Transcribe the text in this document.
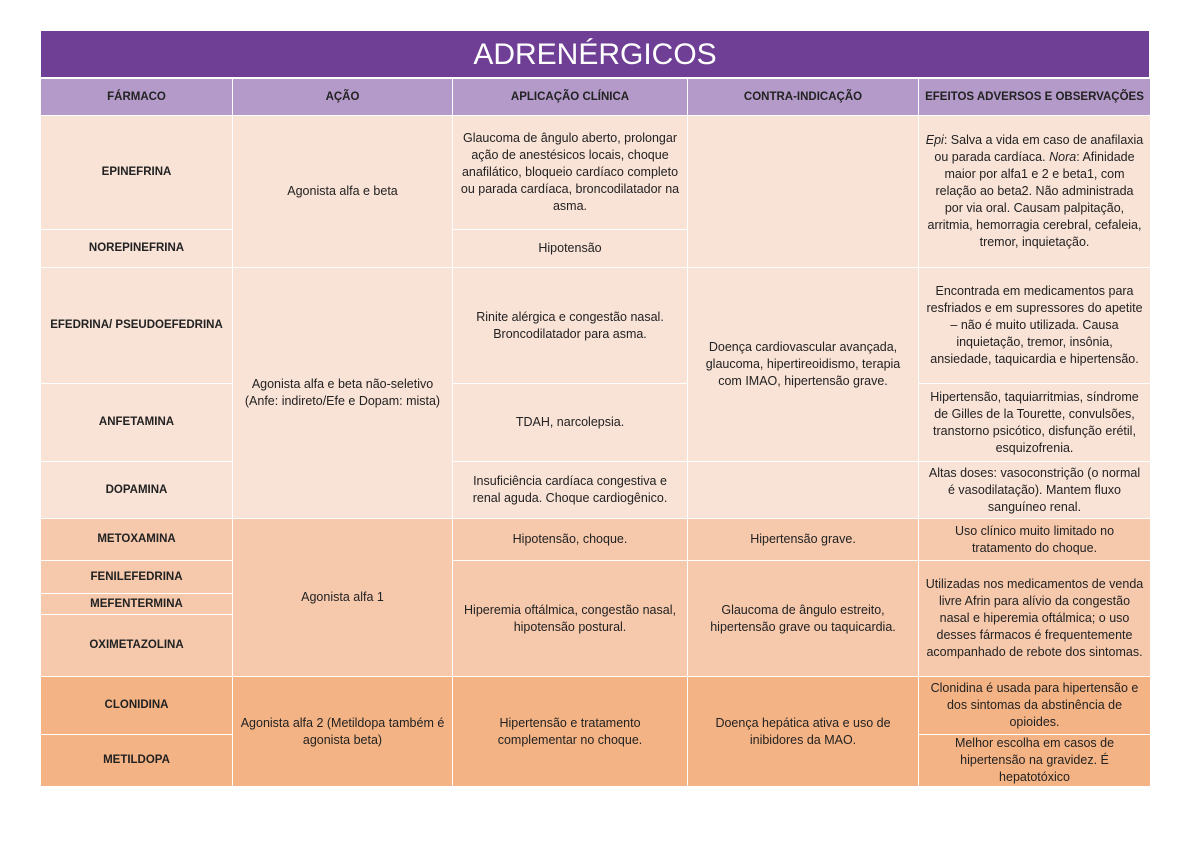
ADRENÉRGICOS
FÁRMACO	AÇÃO	APLICAÇÃO CLÍNICA	CONTRA-INDICAÇÃO	EFEITOS ADVERSOS E OBSERVAÇÕES
EPINEFRINA	Agonista alfa e beta	Glaucoma de ângulo aberto, prolongar ação de anestésicos locais, choque anafilático, bloqueio cardíaco completo ou parada cardíaca, broncodilatador na asma.		Epi: Salva a vida em caso de anafilaxia ou parada cardíaca. Nora: Afinidade maior por alfa1 e 2 e beta1, com relação ao beta2. Não administrada por via oral. Causam palpitação, arritmia, hemorragia cerebral, cefaleia, tremor, inquietação.
NOREPINEFRINA		Hipotensão		
EFEDRINA/ PSEUDOEFEDRINA	Agonista alfa e beta não-seletivo (Anfe: indireto/Efe e Dopam: mista)	Rinite alérgica e congestão nasal. Broncodilatador para asma.	Doença cardiovascular avançada, glaucoma, hipertireoidismo, terapia com IMAO, hipertensão grave.	Encontrada em medicamentos para resfriados e em supressores do apetite – não é muito utilizada. Causa inquietação, tremor, insônia, ansiedade, taquicardia e hipertensão.
ANFETAMINA		TDAH, narcolepsia.		Hipertensão, taquiarritmias, síndrome de Gilles de la Tourette, convulsões, transtorno psicótico, disfunção erétil, esquizofrenia.
DOPAMINA		Insuficiência cardíaca congestiva e renal aguda. Choque cardiogênico.		Altas doses: vasoconstrição (o normal é vasodilatação). Mantem fluxo sanguíneo renal.
METOXAMINA	Agonista alfa 1	Hipotensão, choque.	Hipertensão grave.	Uso clínico muito limitado no tratamento do choque.
FENILEFEDRINA		Hiperemia oftálmica, congestão nasal, hipotensão postural.	Glaucoma de ângulo estreito, hipertensão grave ou taquicardia.	Utilizadas nos medicamentos de venda livre Afrin para alívio da congestão nasal e hiperemia oftálmica; o uso desses fármacos é frequentemente acompanhado de rebote dos sintomas.
MEFENTERMINA				
OXIMETAZOLINA				
CLONIDINA	Agonista alfa 2 (Metildopa também é agonista beta)	Hipertensão e tratamento complementar no choque.	Doença hepática ativa e uso de inibidores da MAO.	Clonidina é usada para hipertensão e dos sintomas da abstinência de opioides.
METILDOPA				Melhor escolha em casos de hipertensão na gravidez. É hepatotóxico
